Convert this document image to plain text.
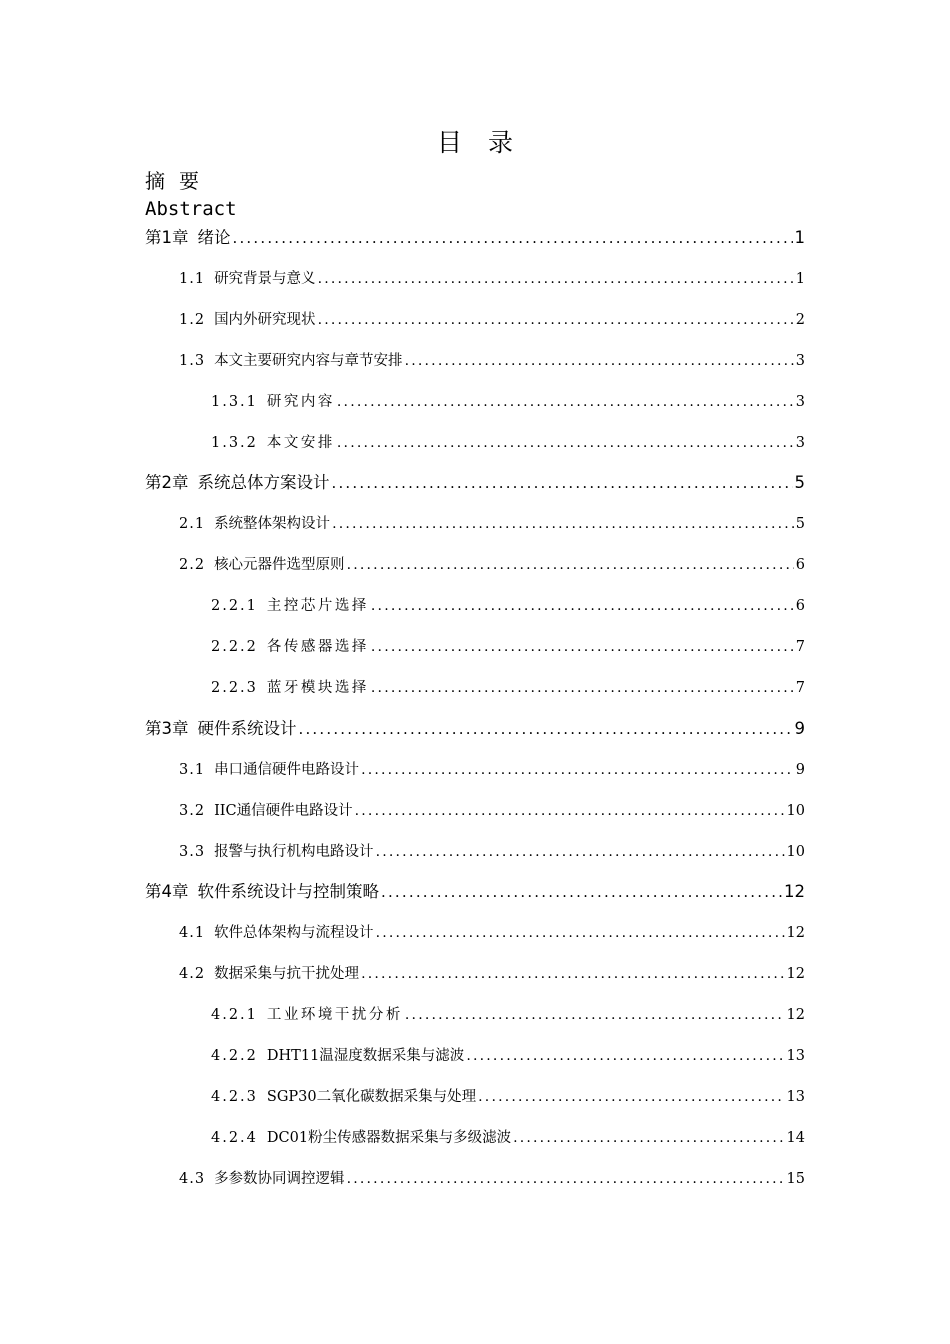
目录
摘要
Abstract
第1章 绪论 .....	1
1.1 研究背景与意义 .....	1
1.2 国内外研究现状 .....	2
1.3 本文主要研究内容与章节安排 .....	3
1.3.1 研究内容 .....	3
1.3.2 本文安排 .....	3
第2章 系统总体方案设计 .....	5
2.1 系统整体架构设计 .....	5
2.2 核心元器件选型原则 .....	6
2.2.1 主控芯片选择 .....	6
2.2.2 各传感器选择 .....	7
2.2.3 蓝牙模块选择 .....	7
第3章 硬件系统设计 .....	9
3.1 串口通信硬件电路设计 .....	9
3.2 IIC通信硬件电路设计 .....	10
3.3 报警与执行机构电路设计 .....	10
第4章 软件系统设计与控制策略 .....	12
4.1 软件总体架构与流程设计 .....	12
4.2 数据采集与抗干扰处理 .....	12
4.2.1 工业环境干扰分析 .....	12
4.2.2 DHT11温湿度数据采集与滤波 .....	13
4.2.3 SGP30二氧化碳数据采集与处理 .....	13
4.2.4 DC01粉尘传感器数据采集与多级滤波 .....	14
4.3 多参数协同调控逻辑 .....	15
